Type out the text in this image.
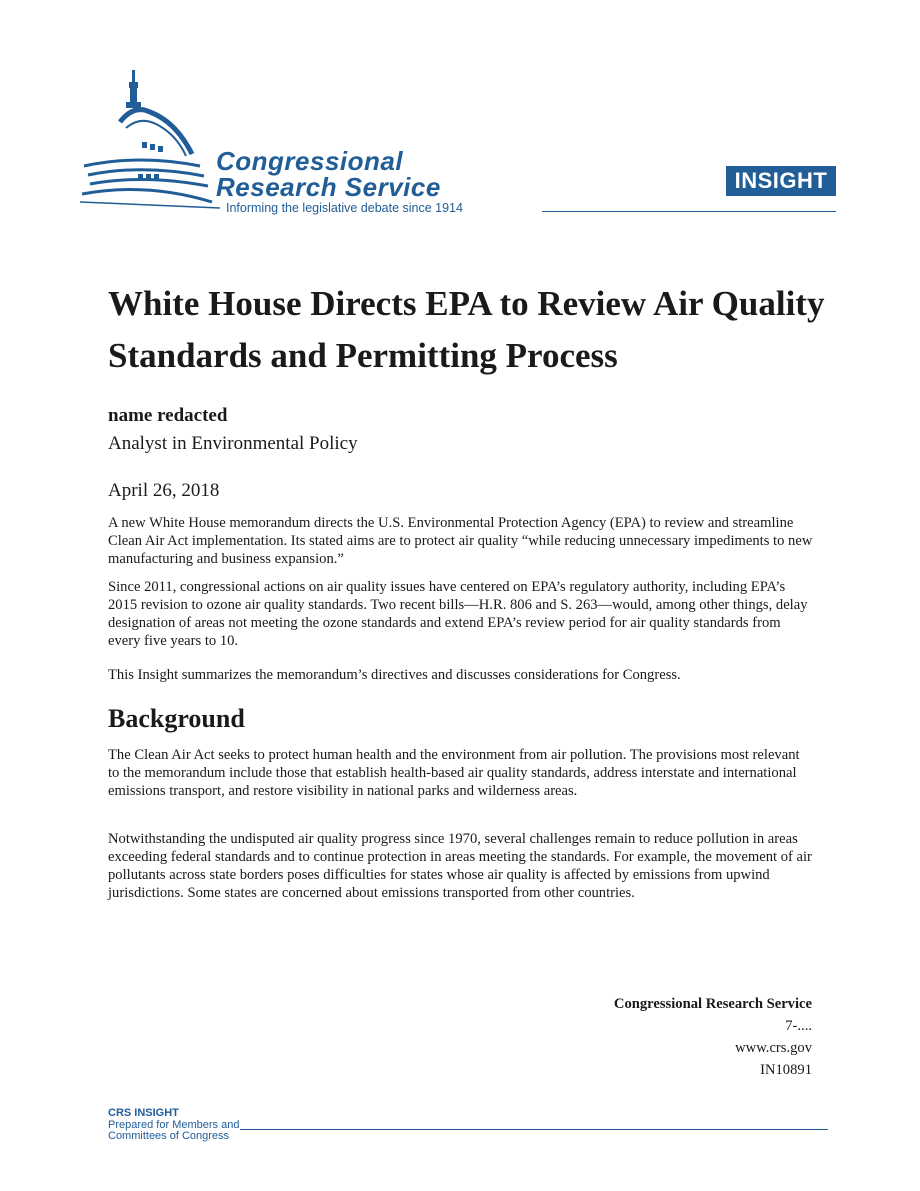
Congressional
Research Service
Informing the legislative debate since 1914
INSIGHT
White House Directs EPA to Review Air Quality Standards and Permitting Process
name redacted
Analyst in Environmental Policy
April 26, 2018

A new White House memorandum directs the U.S. Environmental Protection Agency (EPA) to review and streamline Clean Air Act implementation. Its stated aims are to protect air quality “while reducing unnecessary impediments to new manufacturing and business expansion.”

Since 2011, congressional actions on air quality issues have centered on EPA’s regulatory authority, including EPA’s 2015 revision to ozone air quality standards. Two recent bills—H.R. 806 and S. 263—would, among other things, delay designation of areas not meeting the ozone standards and extend EPA’s review period for air quality standards from every five years to 10.

This Insight summarizes the memorandum’s directives and discusses considerations for Congress.

Background

The Clean Air Act seeks to protect human health and the environment from air pollution. The provisions most relevant to the memorandum include those that establish health-based air quality standards, address interstate and international emissions transport, and restore visibility in national parks and wilderness areas.

Notwithstanding the undisputed air quality progress since 1970, several challenges remain to reduce pollution in areas exceeding federal standards and to continue protection in areas meeting the standards. For example, the movement of air pollutants across state borders poses difficulties for states whose air quality is affected by emissions from upwind jurisdictions. Some states are concerned about emissions transported from other countries.

Congressional Research Service
7-....
www.crs.gov
IN10891
CRS INSIGHT
Prepared for Members and
Committees of Congress
